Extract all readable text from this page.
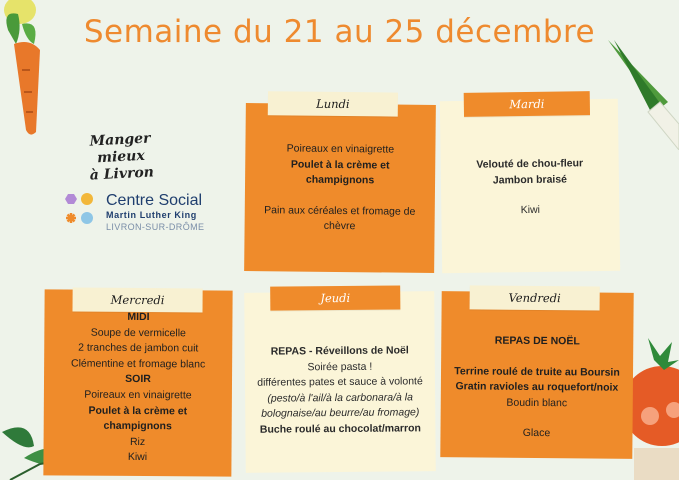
Semaine du 21 au 25 décembre
Manger mieux
à Livron
Centre Social
Martin Luther King
LIVRON-SUR-DRÔME
Lundi
Poireaux en vinaigrette
Poulet à la crème et
champignons
Pain aux céréales et fromage de
chèvre
Mardi
Velouté de chou-fleur
Jambon braisé
Kiwi
Mercredi
MIDI
Soupe de vermicelle
2 tranches de jambon cuit
Clémentine et fromage blanc
SOIR
Poireaux en vinaigrette
Poulet à la crème et
champignons
Riz
Kiwi
Jeudi
REPAS - Réveillons de Noël
Soirée pasta !
différentes pates et sauce à volonté
(pesto/à l'ail/à la carbonara/à la
bolognaise/au beurre/au fromage)
Buche roulé au chocolat/marron
Vendredi
REPAS DE NOËL
Terrine roulé de truite au Boursin
Gratin ravioles au roquefort/noix
Boudin blanc
Glace
